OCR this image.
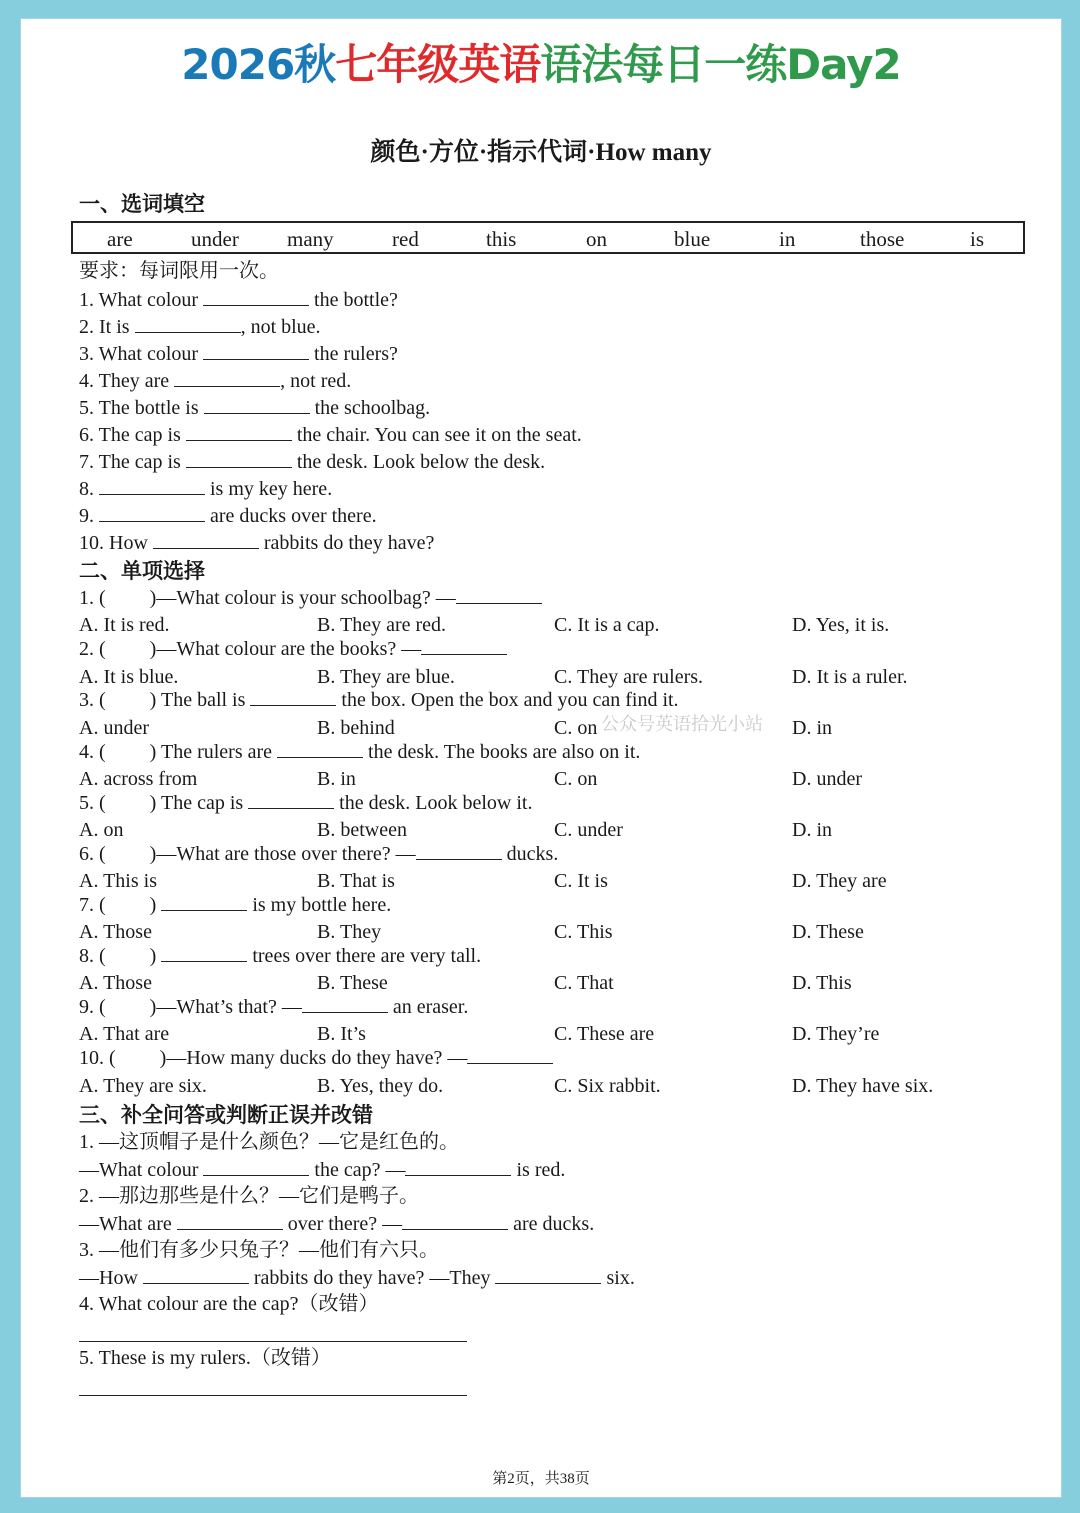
2026秋七年级英语语法每日一练Day2
颜色·方位·指示代词·How many
一、选词填空
are	under many	red	this	on	blue	in	those	is
要求：每词限用一次。
1. What colour	the bottle?
2. It is	, not blue.
3. What colour	the rulers?
4. They are	, not red.
5. The bottle is	the schoolbag.
6. The cap is	the chair. You can see it on the seat.
7. The cap is	the desk. Look below the desk.
8.	is my key here.
9.	are ducks over there.
10. How	rabbits do they have?
二、单项选择
1. ( )—What colour is your schoolbag? —
A. It is red.	B. They are red.	C. It is a cap.	D. Yes, it is.
2. ( )—What colour are the books? —
A. It is blue.	B. They are blue.	C. They are rulers.	D. It is a ruler.
3. ( ) The ball is	the box. Open the box and you can find it.
A. under	B. behind	C. on	D. in
4. ( ) The rulers are	the desk. The books are also on it.
A. across from	B. in	C. on	D. under
5. ( ) The cap is	the desk. Look below it.
A. on	B. between	C. under	D. in
6. ( )—What are those over there? —	ducks.
A. This is	B. That is	C. It is	D. They are
7. ( )	is my bottle here.
A. Those	B. They	C. This	D. These
8. ( )	trees over there are very tall.
A. Those	B. These	C. That	D. This
9. ( )—What’s that? —	an eraser.
A. That are	B. It’s	C. These are	D. They’re
10. ( )—How many ducks do they have? —
A. They are six.	B. Yes, they do.	C. Six rabbit.	D. They have six.
公众号英语拾光小站
三、补全问答或判断正误并改错
1. —这顶帽子是什么颜色？—它是红色的。
—What colour	the cap? —	is red.
2. —那边那些是什么？—它们是鸭子。
—What are	over there? —	are ducks.
3. —他们有多少只兔子？—他们有六只。
—How	rabbits do they have? —They	six.
4. What colour are the cap?（改错）
5. These is my rulers.（改错）
第2页，共38页
